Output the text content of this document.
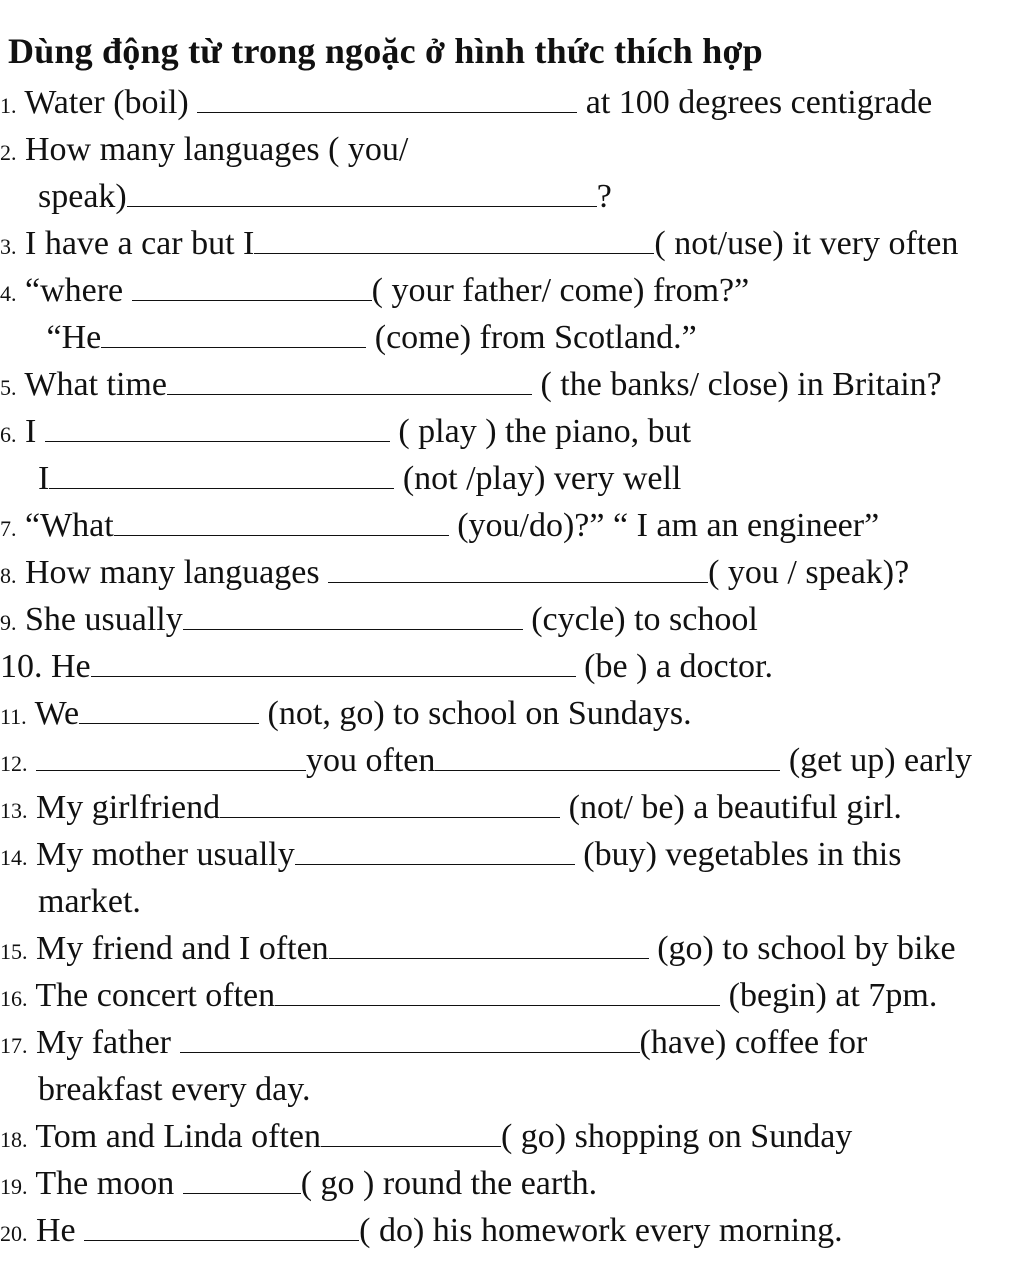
Dùng động từ trong ngoặc ở hình thức thích hợp
1. Water (boil)	at 100 degrees centigrade
2. How many languages ( you/
speak)	?
3. I have a car but I	( not/use) it very often
4. “where	( your father/ come) from?”
“He	(come) from Scotland.”
5. What time	( the banks/ close) in Britain?
6. I	( play ) the piano, but
I	(not /play) very well
7. “What	(you/do)?” “ I am an engineer”
8. How many languages	( you / speak)?
9. She usually	(cycle) to school
10. He	(be ) a doctor.
11. We	(not, go) to school on Sundays.
12.	you often	(get up) early
13. My girlfriend	(not/ be) a beautiful girl.
14. My mother usually	(buy) vegetables in this
market.
15. My friend and I often	(go) to school by bike
16. The concert often	(begin) at 7pm.
17. My father	(have) coffee for
breakfast every day.
18. Tom and Linda often	( go) shopping on Sunday
19. The moon	( go ) round the earth.
20. He	( do) his homework every morning.
